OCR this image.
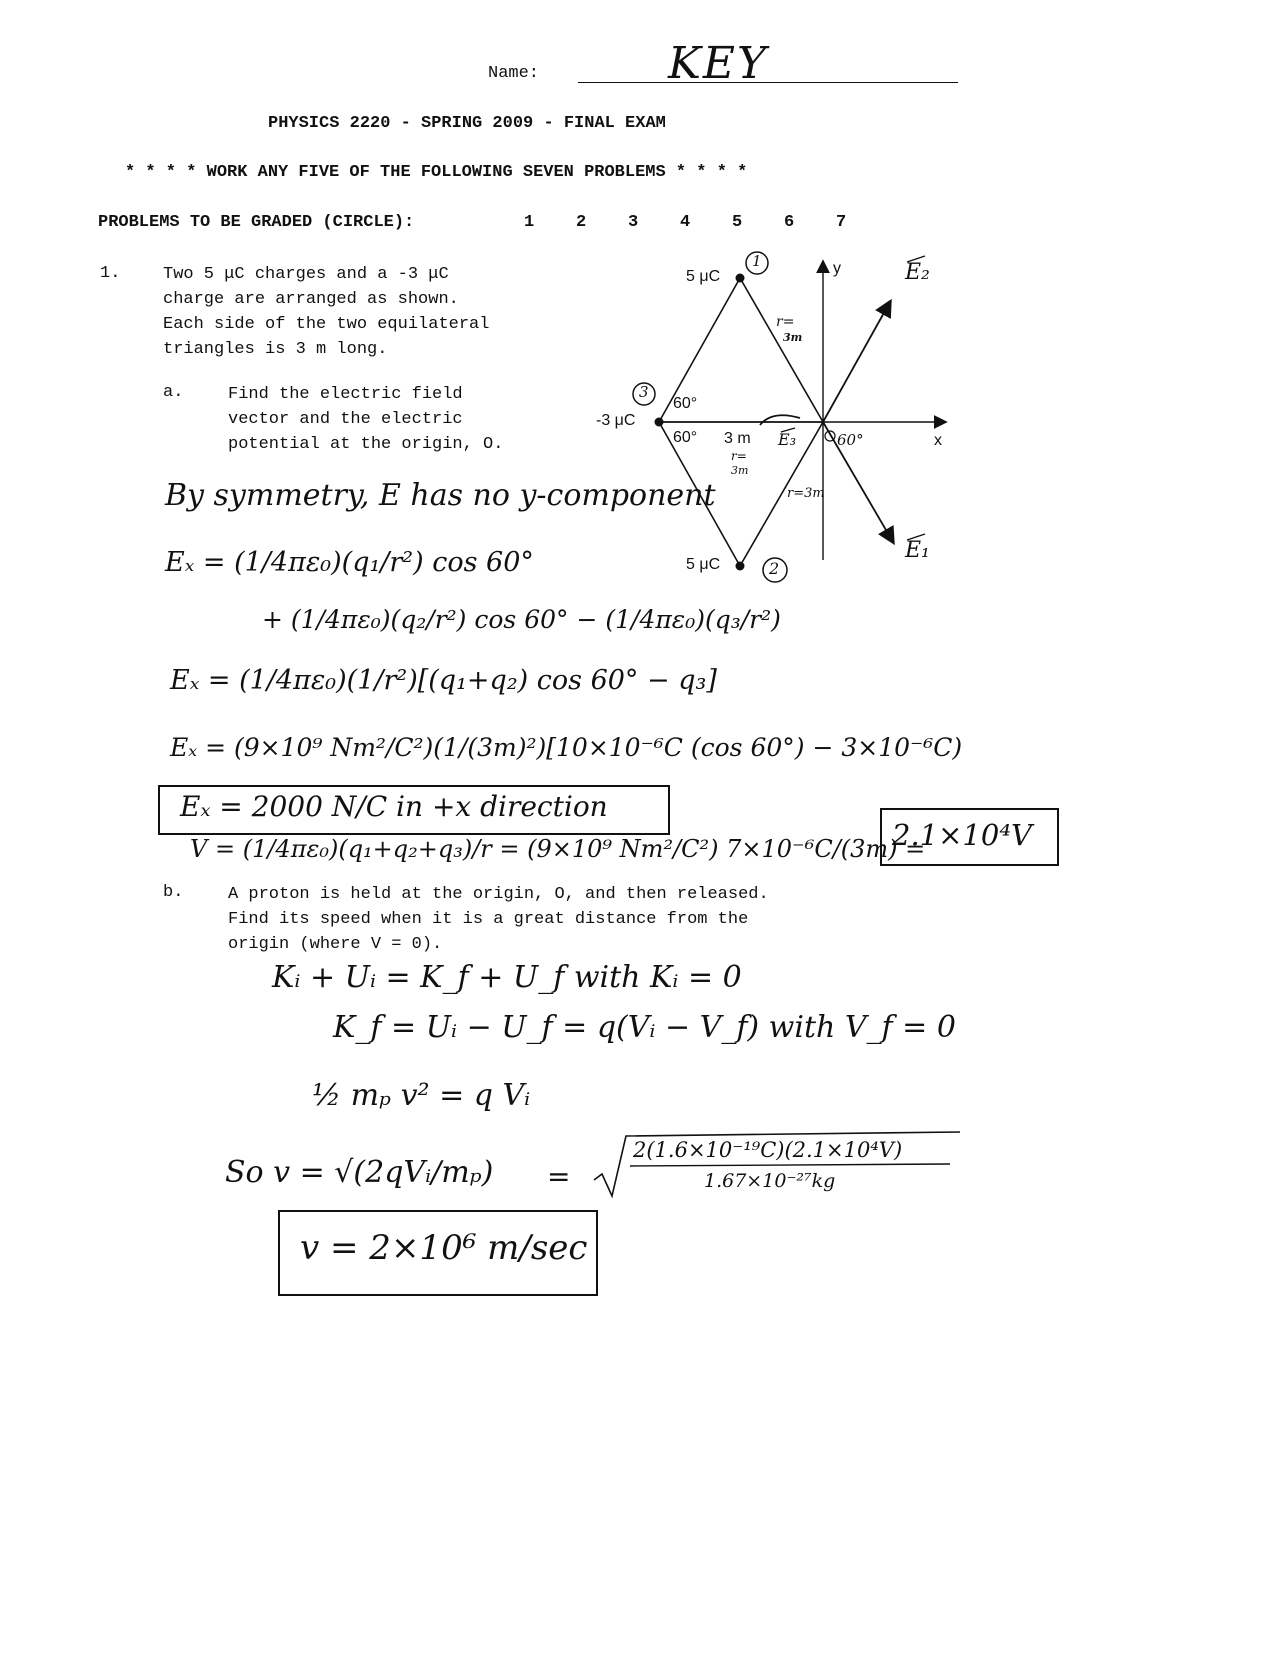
Name:	KEY
PHYSICS 2220 - SPRING 2009 - FINAL EXAM
* * * * WORK ANY FIVE OF THE FOLLOWING SEVEN PROBLEMS * * * *
PROBLEMS TO BE GRADED (CIRCLE):	1 2 3 4 5 6 7
1.	Two 5 μC charges and a -3 μC
charge are arranged as shown.
Each side of the two equilateral
triangles is 3 m long.
a.	Find the electric field
vector and the electric
potential at the origin, O.
5 μC
5 μC
-3 μC
1
2
3
y
x
60°
60°	60°
3 m
r=
3m
r=
3m
r=3m
E₂
E₁
E₃
By symmetry, E has no y-component
Eₓ = (1/4πε₀)(q₁/r²) cos 60°
+ (1/4πε₀)(q₂/r²) cos 60° − (1/4πε₀)(q₃/r²)
Eₓ = (1/4πε₀)(1/r²)[(q₁+q₂) cos 60° − q₃]
Eₓ = (9×10⁹ Nm²/C²)(1/(3m)²)[10×10⁻⁶C (cos 60°) − 3×10⁻⁶C)
Eₓ = 2000 N/C in +x direction
V = (1/4πε₀)(q₁+q₂+q₃)/r = (9×10⁹ Nm²/C²) 7×10⁻⁶C/(3m) =
2.1×10⁴V
b.	A proton is held at the origin, O, and then released.
Find its speed when it is a great distance from the
origin (where V = 0).
Kᵢ + Uᵢ = K_f + U_f with Kᵢ = 0
K_f = Uᵢ − U_f = q(Vᵢ − V_f) with V_f = 0
½ mₚ v² = q Vᵢ
So v = √(2qVᵢ/mₚ) =
2(1.6×10⁻¹⁹C)(2.1×10⁴V)
1.67×10⁻²⁷kg
v = 2×10⁶ m/sec
